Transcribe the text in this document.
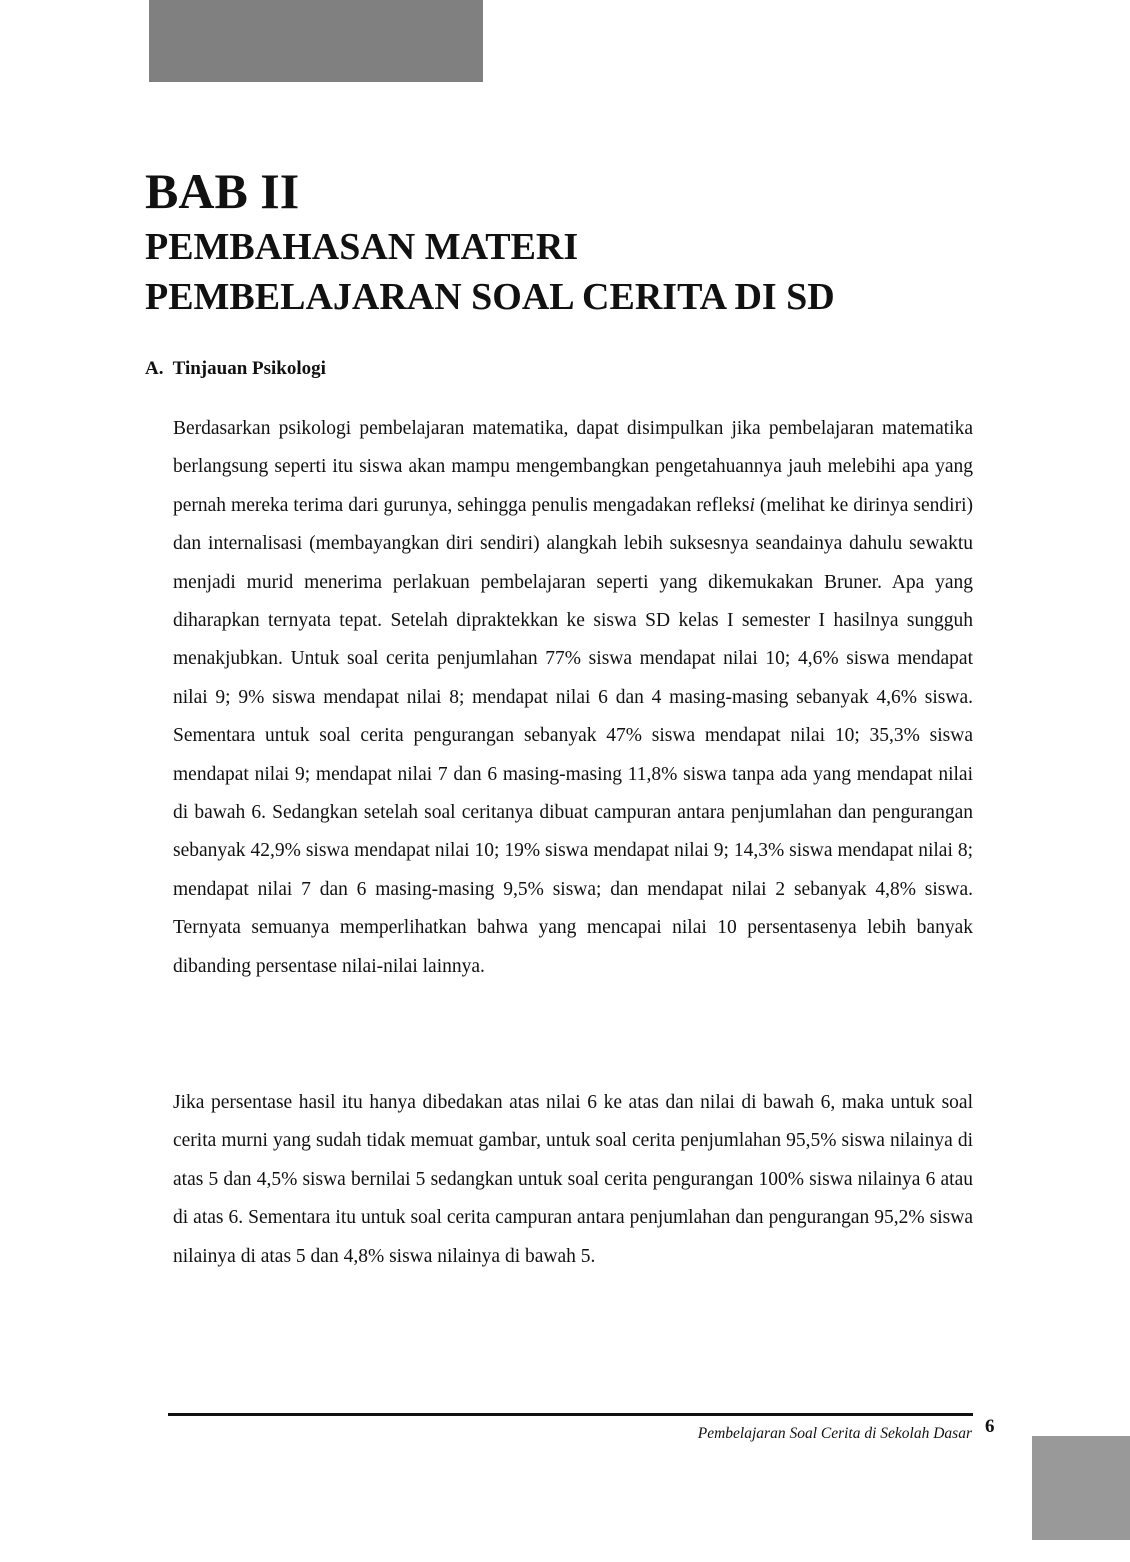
BAB II
PEMBAHASAN MATERI
PEMBELAJARAN SOAL CERITA DI SD
A.  Tinjauan Psikologi

Berdasarkan psikologi pembelajaran matematika, dapat disimpulkan jika pembelajaran matematika berlangsung seperti itu siswa akan mampu mengembangkan pengetahuannya jauh melebihi apa yang pernah mereka terima dari gurunya, sehingga penulis mengadakan refleksi (melihat ke dirinya sendiri) dan internalisasi (membayangkan diri sendiri) alangkah lebih suksesnya seandainya dahulu sewaktu menjadi murid menerima perlakuan pembelajaran seperti yang dikemukakan Bruner. Apa yang diharapkan ternyata tepat. Setelah dipraktekkan ke siswa SD kelas I semester I hasilnya sungguh menakjubkan. Untuk soal cerita penjumlahan 77% siswa mendapat nilai 10; 4,6% siswa mendapat nilai 9; 9% siswa mendapat nilai 8; mendapat nilai 6 dan 4 masing-masing sebanyak 4,6% siswa. Sementara untuk soal cerita pengurangan sebanyak 47% siswa mendapat nilai 10; 35,3% siswa mendapat nilai 9; mendapat nilai 7 dan 6 masing-masing 11,8% siswa tanpa ada yang mendapat nilai di bawah 6. Sedangkan setelah soal ceritanya dibuat campuran antara penjumlahan dan pengurangan sebanyak 42,9% siswa mendapat nilai 10; 19% siswa mendapat nilai 9; 14,3% siswa mendapat nilai 8; mendapat nilai 7 dan 6 masing-masing 9,5% siswa; dan mendapat nilai 2 sebanyak 4,8% siswa. Ternyata semuanya memperlihatkan bahwa yang mencapai nilai 10 persentasenya lebih banyak dibanding persentase nilai-nilai lainnya.

Jika persentase hasil itu hanya dibedakan atas nilai 6 ke atas dan nilai di bawah 6, maka untuk soal cerita murni yang sudah tidak memuat gambar, untuk soal cerita penjumlahan 95,5% siswa nilainya di atas 5 dan 4,5% siswa bernilai 5 sedangkan untuk soal cerita pengurangan 100% siswa nilainya 6 atau di atas 6. Sementara itu untuk soal cerita campuran antara penjumlahan dan pengurangan 95,2% siswa nilainya di atas 5 dan 4,8% siswa nilainya di bawah 5.

Pembelajaran Soal Cerita di Sekolah Dasar 6
